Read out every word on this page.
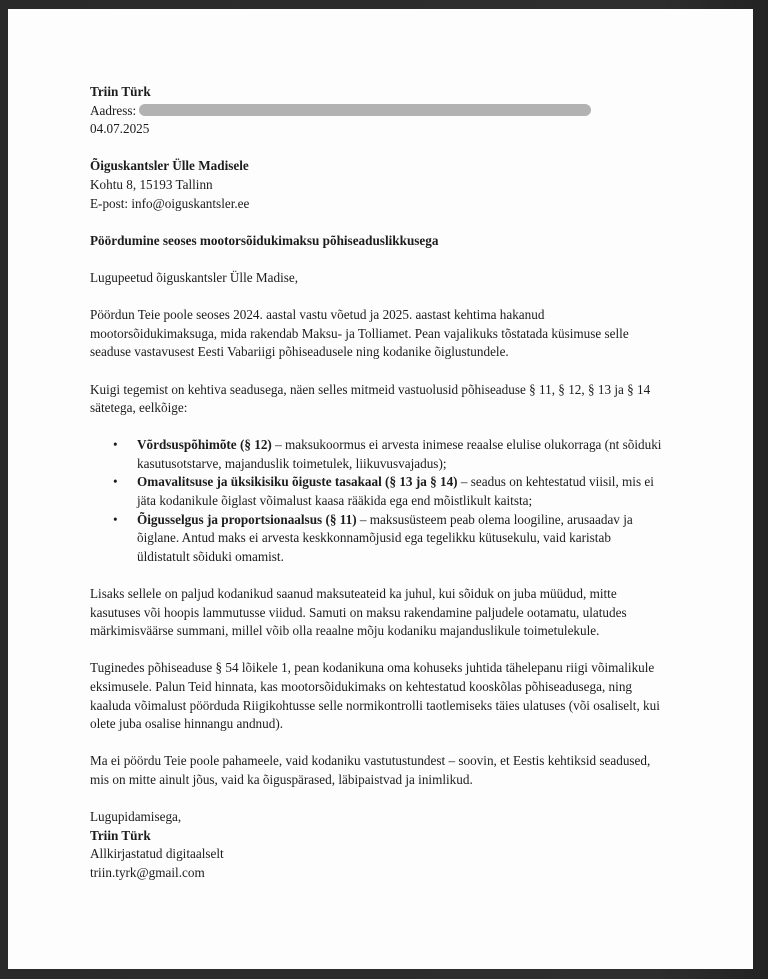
Triin Türk

Aadress:

04.07.2025

Õiguskantsler Ülle Madisele

Kohtu 8, 15193 Tallinn

E-post: info@oiguskantsler.ee

Pöördumine seoses mootorsõidukimaksu põhiseaduslikkusega

Lugupeetud õiguskantsler Ülle Madise,

Pöördun Teie poole seoses 2024. aastal vastu võetud ja 2025. aastast kehtima hakanud mootorsõidukimaksuga, mida rakendab Maksu- ja Tolliamet. Pean vajalikuks tõstatada küsimuse selle seaduse vastavusest Eesti Vabariigi põhiseadusele ning kodanike õiglustundele.

Kuigi tegemist on kehtiva seadusega, näen selles mitmeid vastuolusid põhiseaduse § 11, § 12, § 13 ja § 14 sätetega, eelkõige:

• Võrdsuspõhimõte (§ 12) – maksukoormus ei arvesta inimese reaalse elulise olukorraga (nt sõiduki kasutusotstarve, majanduslik toimetulek, liikuvusvajadus);
• Omavalitsuse ja üksikisiku õiguste tasakaal (§ 13 ja § 14) – seadus on kehtestatud viisil, mis ei jäta kodanikule õiglast võimalust kaasa rääkida ega end mõistlikult kaitsta;
• Õigusselgus ja proportsionaalsus (§ 11) – maksusüsteem peab olema loogiline, arusaadav ja õiglane. Antud maks ei arvesta keskkonnamõjusid ega tegelikku kütusekulu, vaid karistab üldistatult sõiduki omamist.

Lisaks sellele on paljud kodanikud saanud maksuteateid ka juhul, kui sõiduk on juba müüdud, mitte kasutuses või hoopis lammutusse viidud. Samuti on maksu rakendamine paljudele ootamatu, ulatudes märkimisväärse summani, millel võib olla reaalne mõju kodaniku majanduslikule toimetulekule.

Tuginedes põhiseaduse § 54 lõikele 1, pean kodanikuna oma kohuseks juhtida tähelepanu riigi võimalikule eksimusele. Palun Teid hinnata, kas mootorsõidukimaks on kehtestatud kooskõlas põhiseadusega, ning kaaluda võimalust pöörduda Riigikohtusse selle normikontrolli taotlemiseks täies ulatuses (või osaliselt, kui olete juba osalise hinnangu andnud).

Ma ei pöördu Teie poole pahameele, vaid kodaniku vastutustundest – soovin, et Eestis kehtiksid seadused, mis on mitte ainult jõus, vaid ka õiguspärased, läbipaistvad ja inimlikud.

Lugupidamisega,

Triin Türk

Allkirjastatud digitaalselt

triin.tyrk@gmail.com
